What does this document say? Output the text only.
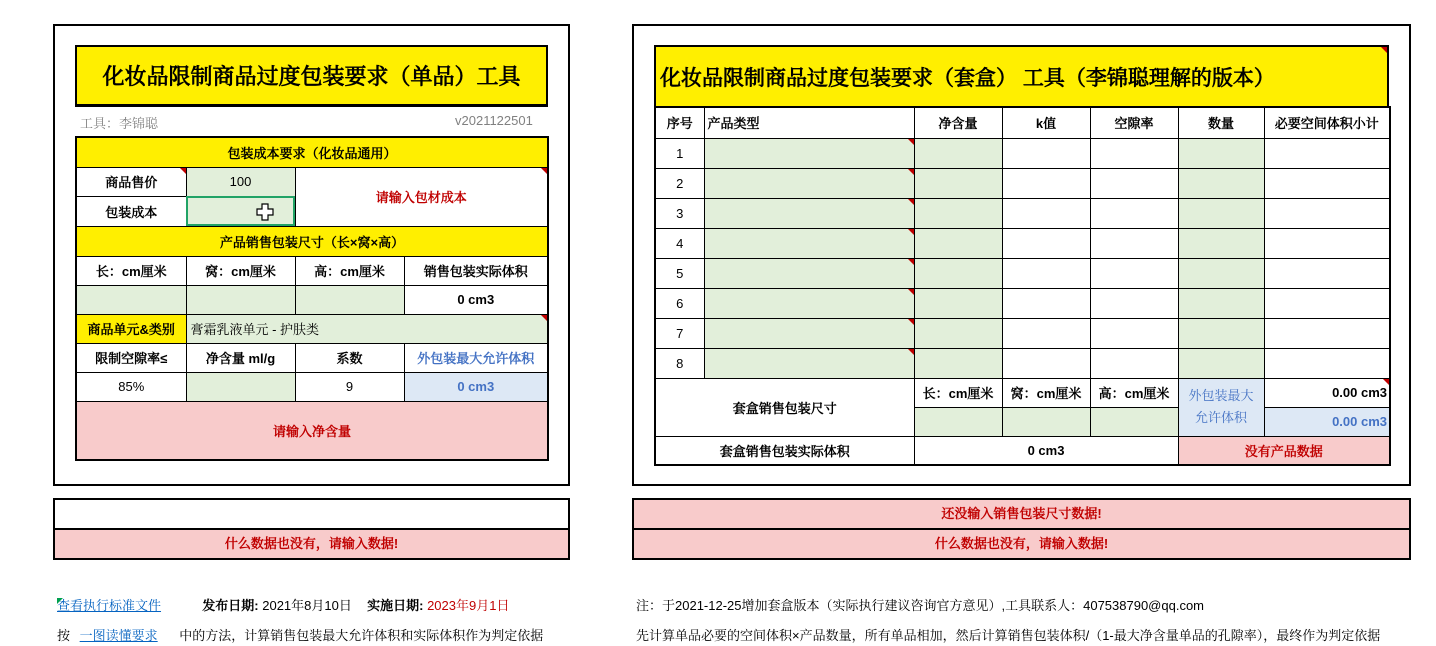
化妆品限制商品过度包装要求（单品）工具
工具：李锦聪	v2021122501
包装成本要求（化妆品通用）			
商品售价	100	请输入包材成本	
包装成本	

产品销售包装尺寸（长×窝×高）			
长：cm厘米	窝：cm厘米	高：cm厘米	销售包装实际体积
			0 cm3
商品单元&类别	膏霜乳液单元 - 护肤类		
限制空隙率≤	净含量 ml/g	系数	外包装最大允许体积
85%		9	0 cm3
请输入净含量			
什么数据也没有，请输入数据!
化妆品限制商品过度包装要求（套盒） 工具（李锦聪理解的版本）
序号	产品类型	净含量	k值	空隙率	数量	必要空间体积小计
1						
2						
3						
4						
5						
6						
7						
8						
套盒销售包装尺寸		长：cm厘米	窝：cm厘米	高：cm厘米	外包装最大允许体积	0.00 cm3
						0.00 cm3
套盒销售包装实际体积		0 cm3			没有产品数据	
还没输入销售包装尺寸数据!
什么数据也没有，请输入数据!
查看执行标准文件	发布日期: 2021年8月10日 实施日期: 2023年9月1日
按 一图读懂要求 中的方法，计算销售包装最大允许体积和实际体积作为判定依据
注：于2021-12-25增加套盒版本（实际执行建议咨询官方意见）,工具联系人：407538790@qq.com
先计算单品必要的空间体积×产品数量，所有单品相加，然后计算销售包装体积/（1-最大净含量单品的孔隙率），最终作为判定依据
